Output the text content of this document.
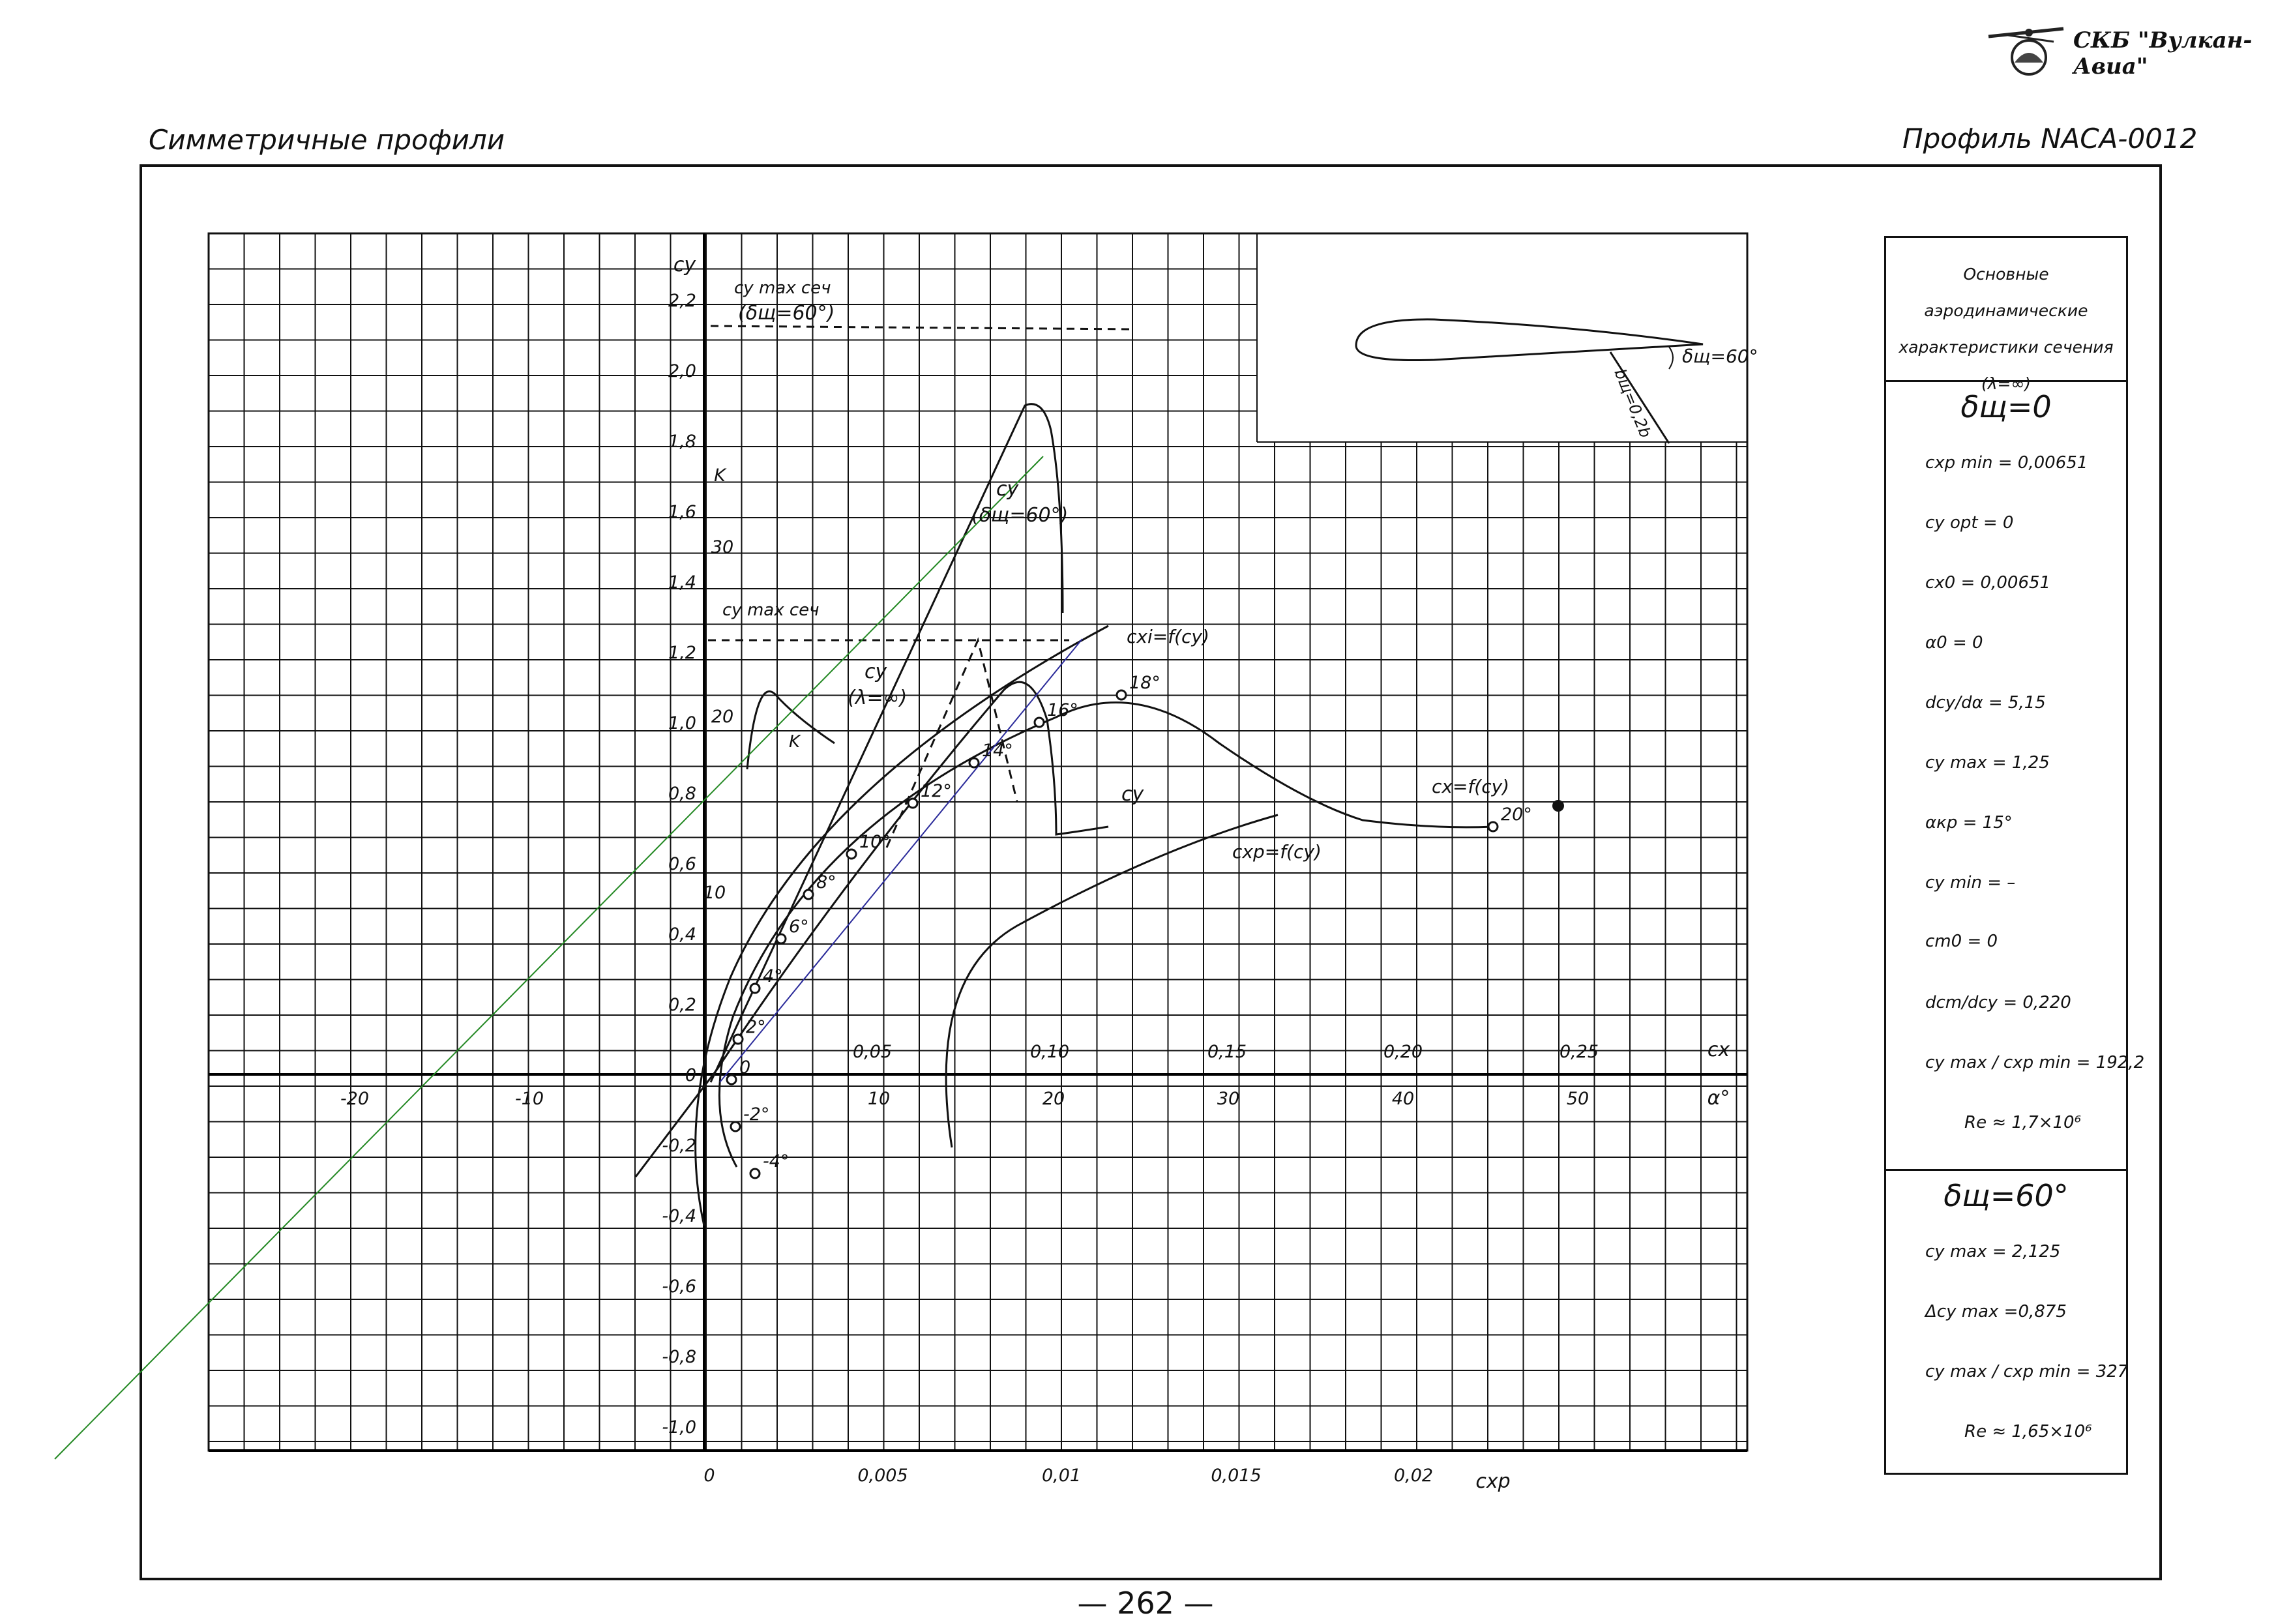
СКБ "Вулкан-Авиа"
Симметричные профили	Профиль NACA-0012
2,2
2,0
1,8
1,6
1,4
1,2
1,0
0,8
0,6
0,4
0,2
0
-0,2
-0,4
-0,6
-0,8
-1,0
cy
30
20
10
K
0,05	0,10	0,15	0,20	0,25	cx
-20	-10	10	20	30	40	50	α°
0	0,005	0,01	0,015	0,02 cxp
-4°
-2°
0
2°
4°
6°
8°
10°
12°
14°
16°
18°
20°
cy max сеч
(δщ=60°)
cy max сеч
cy
(δщ=60°)
cy
(λ=∞)
cxi=f(cy)
cx=f(cy)
cxp=f(cy)
cy
K
δщ=60°
bщ=0,2b
Основные аэродинамические
характеристики сечения
(λ=∞)
δщ=0
cxp min = 0,00651
cy opt = 0
cx0 = 0,00651
α0 = 0
dcy/dα = 5,15
cy max = 1,25
αкр = 15°
cy min = –
cm0 = 0
dcm/dcy = 0,220
cy max / cxp min = 192,2
Re ≈ 1,7×10⁶
δщ=60°
cy max = 2,125
Δcy max =0,875
cy max / cxp min = 327
Re ≈ 1,65×10⁶
— 262 —
